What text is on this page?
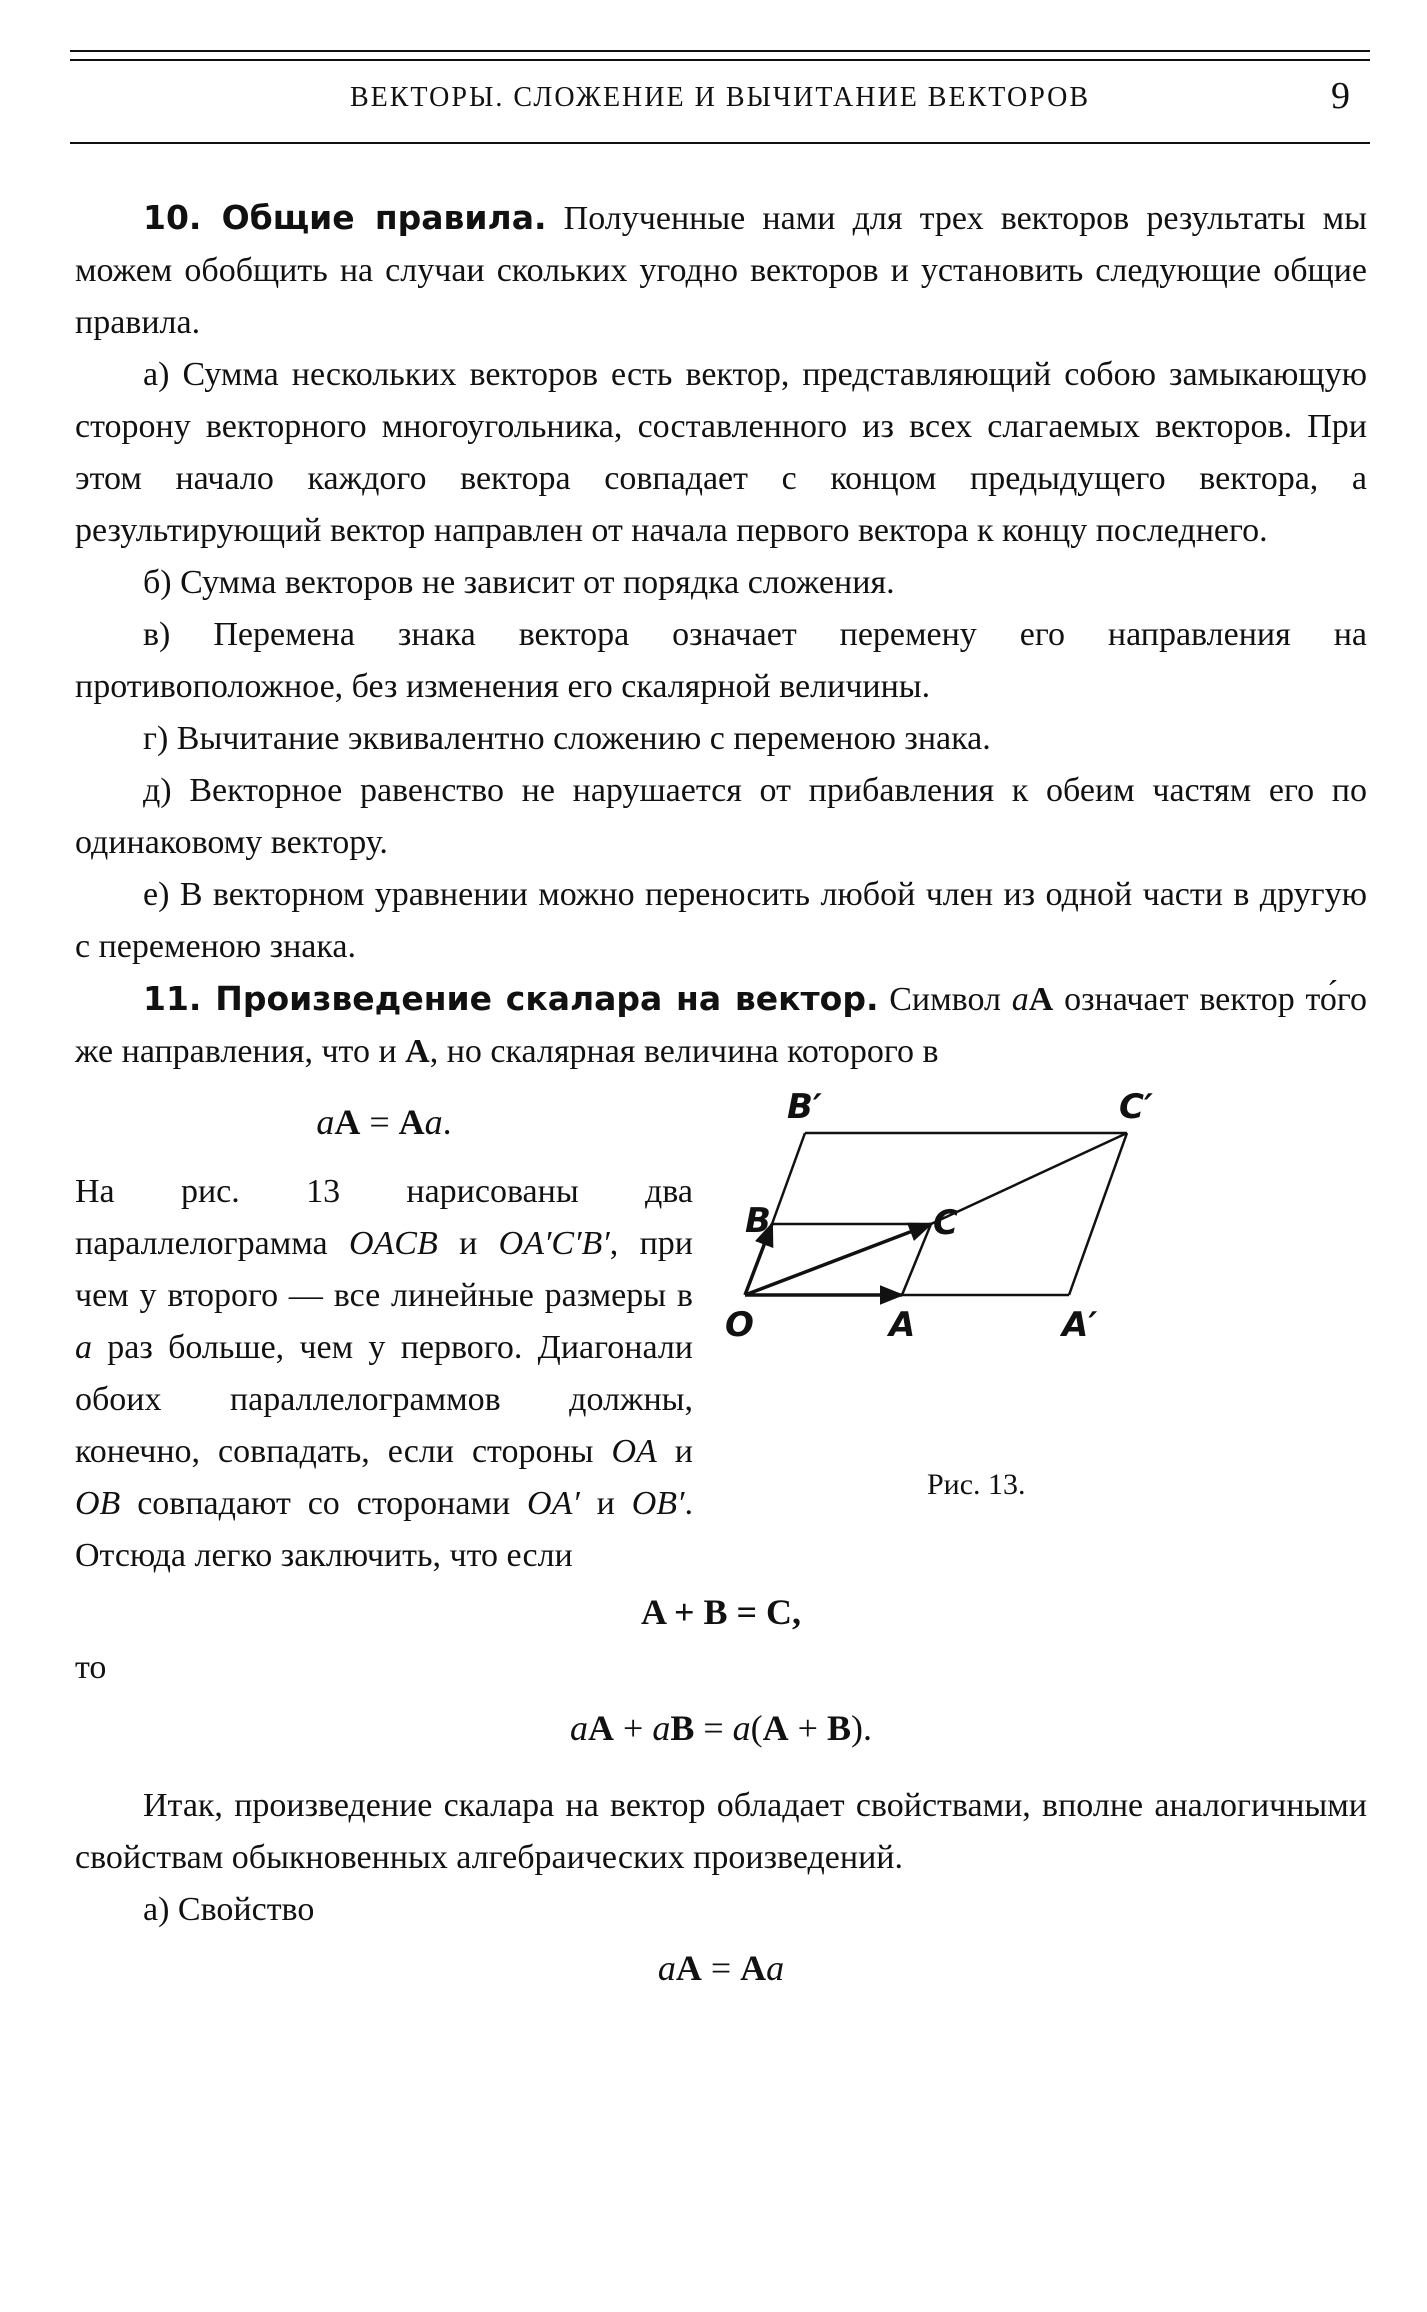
ВЕКТОРЫ. СЛОЖЕНИЕ И ВЫЧИТАНИЕ ВЕКТОРОВ	9

10. Общие правила. Полученные нами для трех векторов результаты мы можем обобщить на случаи скольких угодно векторов и установить следующие общие правила.

а) Сумма нескольких векторов есть вектор, представляющий собою замыкающую сторону векторного многоугольника, составленного из всех слагаемых векторов. При этом начало каждого вектора совпадает с концом предыдущего вектора, а результирующий вектор направлен от начала первого вектора к концу последнего.

б) Сумма векторов не зависит от порядка сложения.

в) Перемена знака вектора означает перемену его направления на противоположное, без изменения его скалярной величины.

г) Вычитание эквивалентно сложению с переменою знака.

д) Векторное равенство не нарушается от прибавления к обеим частям его по одинаковому вектору.

е) В векторном уравнении можно переносить любой член из одной части в другую с переменою знака.

11. Произведение скалара на вектор. Символ aA означает вектор то́го же направления, что и A, но скалярная величина которого в

B′	C′
B	C
O	A	A′
Рис. 13.

aA = Aa.

На рис. 13 нарисованы два параллелограмма OACB и OA′C′B′, при чем у второго — все линейные размеры в a раз больше, чем у первого. Диагонали обоих параллелограммов должны, конечно, совпадать, если стороны OA и OB совпадают со сторонами OA′ и OB′. Отсюда легко заключить, что если

A + B = C,

то

aA + aB = a(A + B).

Итак, произведение скалара на вектор обладает свойствами, вполне аналогичными свойствам обыкновенных алгебраических произведений.

а) Свойство

aA = Aa
